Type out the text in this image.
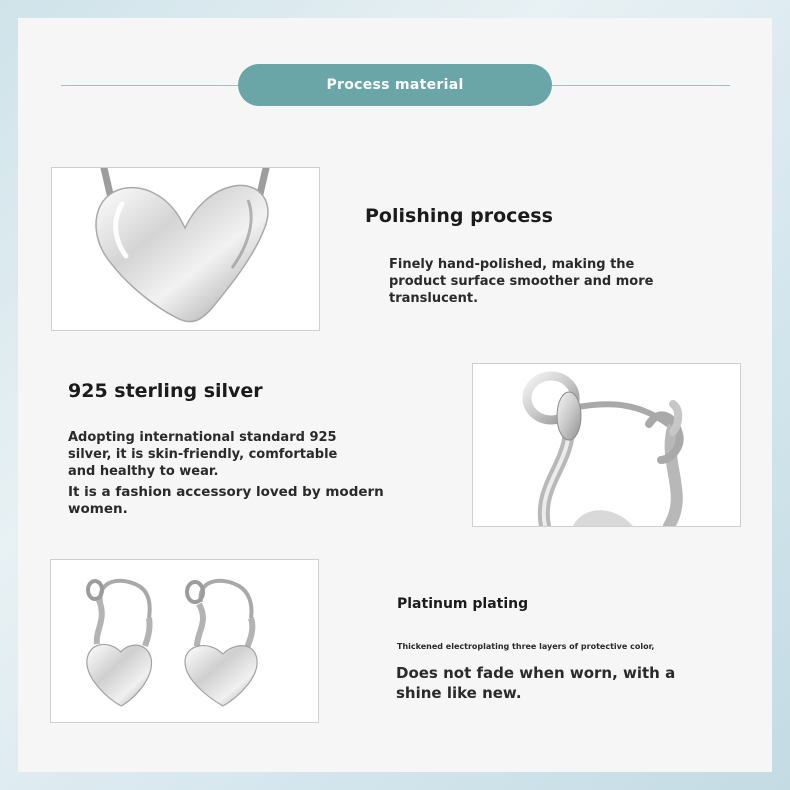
Process material
Polishing process
Finely hand-polished, making the
product surface smoother and more
translucent.
925 sterling silver
Adopting international standard 925
silver, it is skin-friendly, comfortable
and healthy to wear.
It is a fashion accessory loved by modern
women.
Platinum plating
Thickened electroplating three layers of protective color,
Does not fade when worn, with a
shine like new.
